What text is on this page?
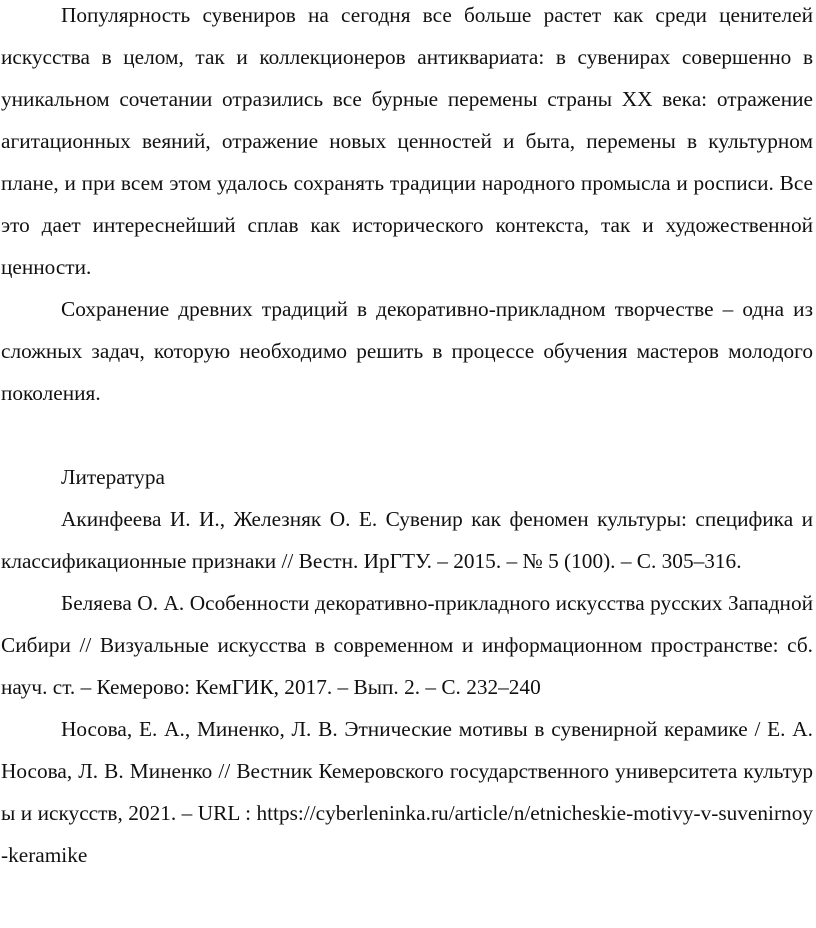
Популярность сувениров на сегодня все больше растет как среди ценителей искусства в целом, так и коллекционеров антиквариата: в сувенирах совершенно в уникальном сочетании отразились все бурные перемены страны XX века: отражение агитационных веяний, отражение новых ценностей и быта, перемены в культурном плане, и при всем этом удалось сохранять традиции народного промысла и росписи. Все это дает интереснейший сплав как исторического контекста, так и художественной ценности.

Сохранение древних традиций в декоративно-прикладном творчестве – одна из сложных задач, которую необходимо решить в процессе обучения мастеров молодого поколения.

Литература

Акинфеева И. И., Железняк О. Е. Сувенир как феномен культуры: специфика и классификационные признаки // Вестн. ИрГТУ. – 2015. – № 5 (100). – С. 305–316.

Беляева О. А. Особенности декоративно-прикладного искусства русских Западной Сибири // Визуальные искусства в современном и информационном пространстве: сб. науч. ст. – Кемерово: КемГИК, 2017. – Вып. 2. – С. 232–240

Носова, Е. А., Миненко, Л. В. Этнические мотивы в сувенирной керамике / Е. А. Носова, Л. В. Миненко // Вестник Кемеровского государственного университета культуры и искусств, 2021. – URL : https://cyberleninka.ru/article/n/etnicheskie-motivy-v-suvenirnoy-keramike
